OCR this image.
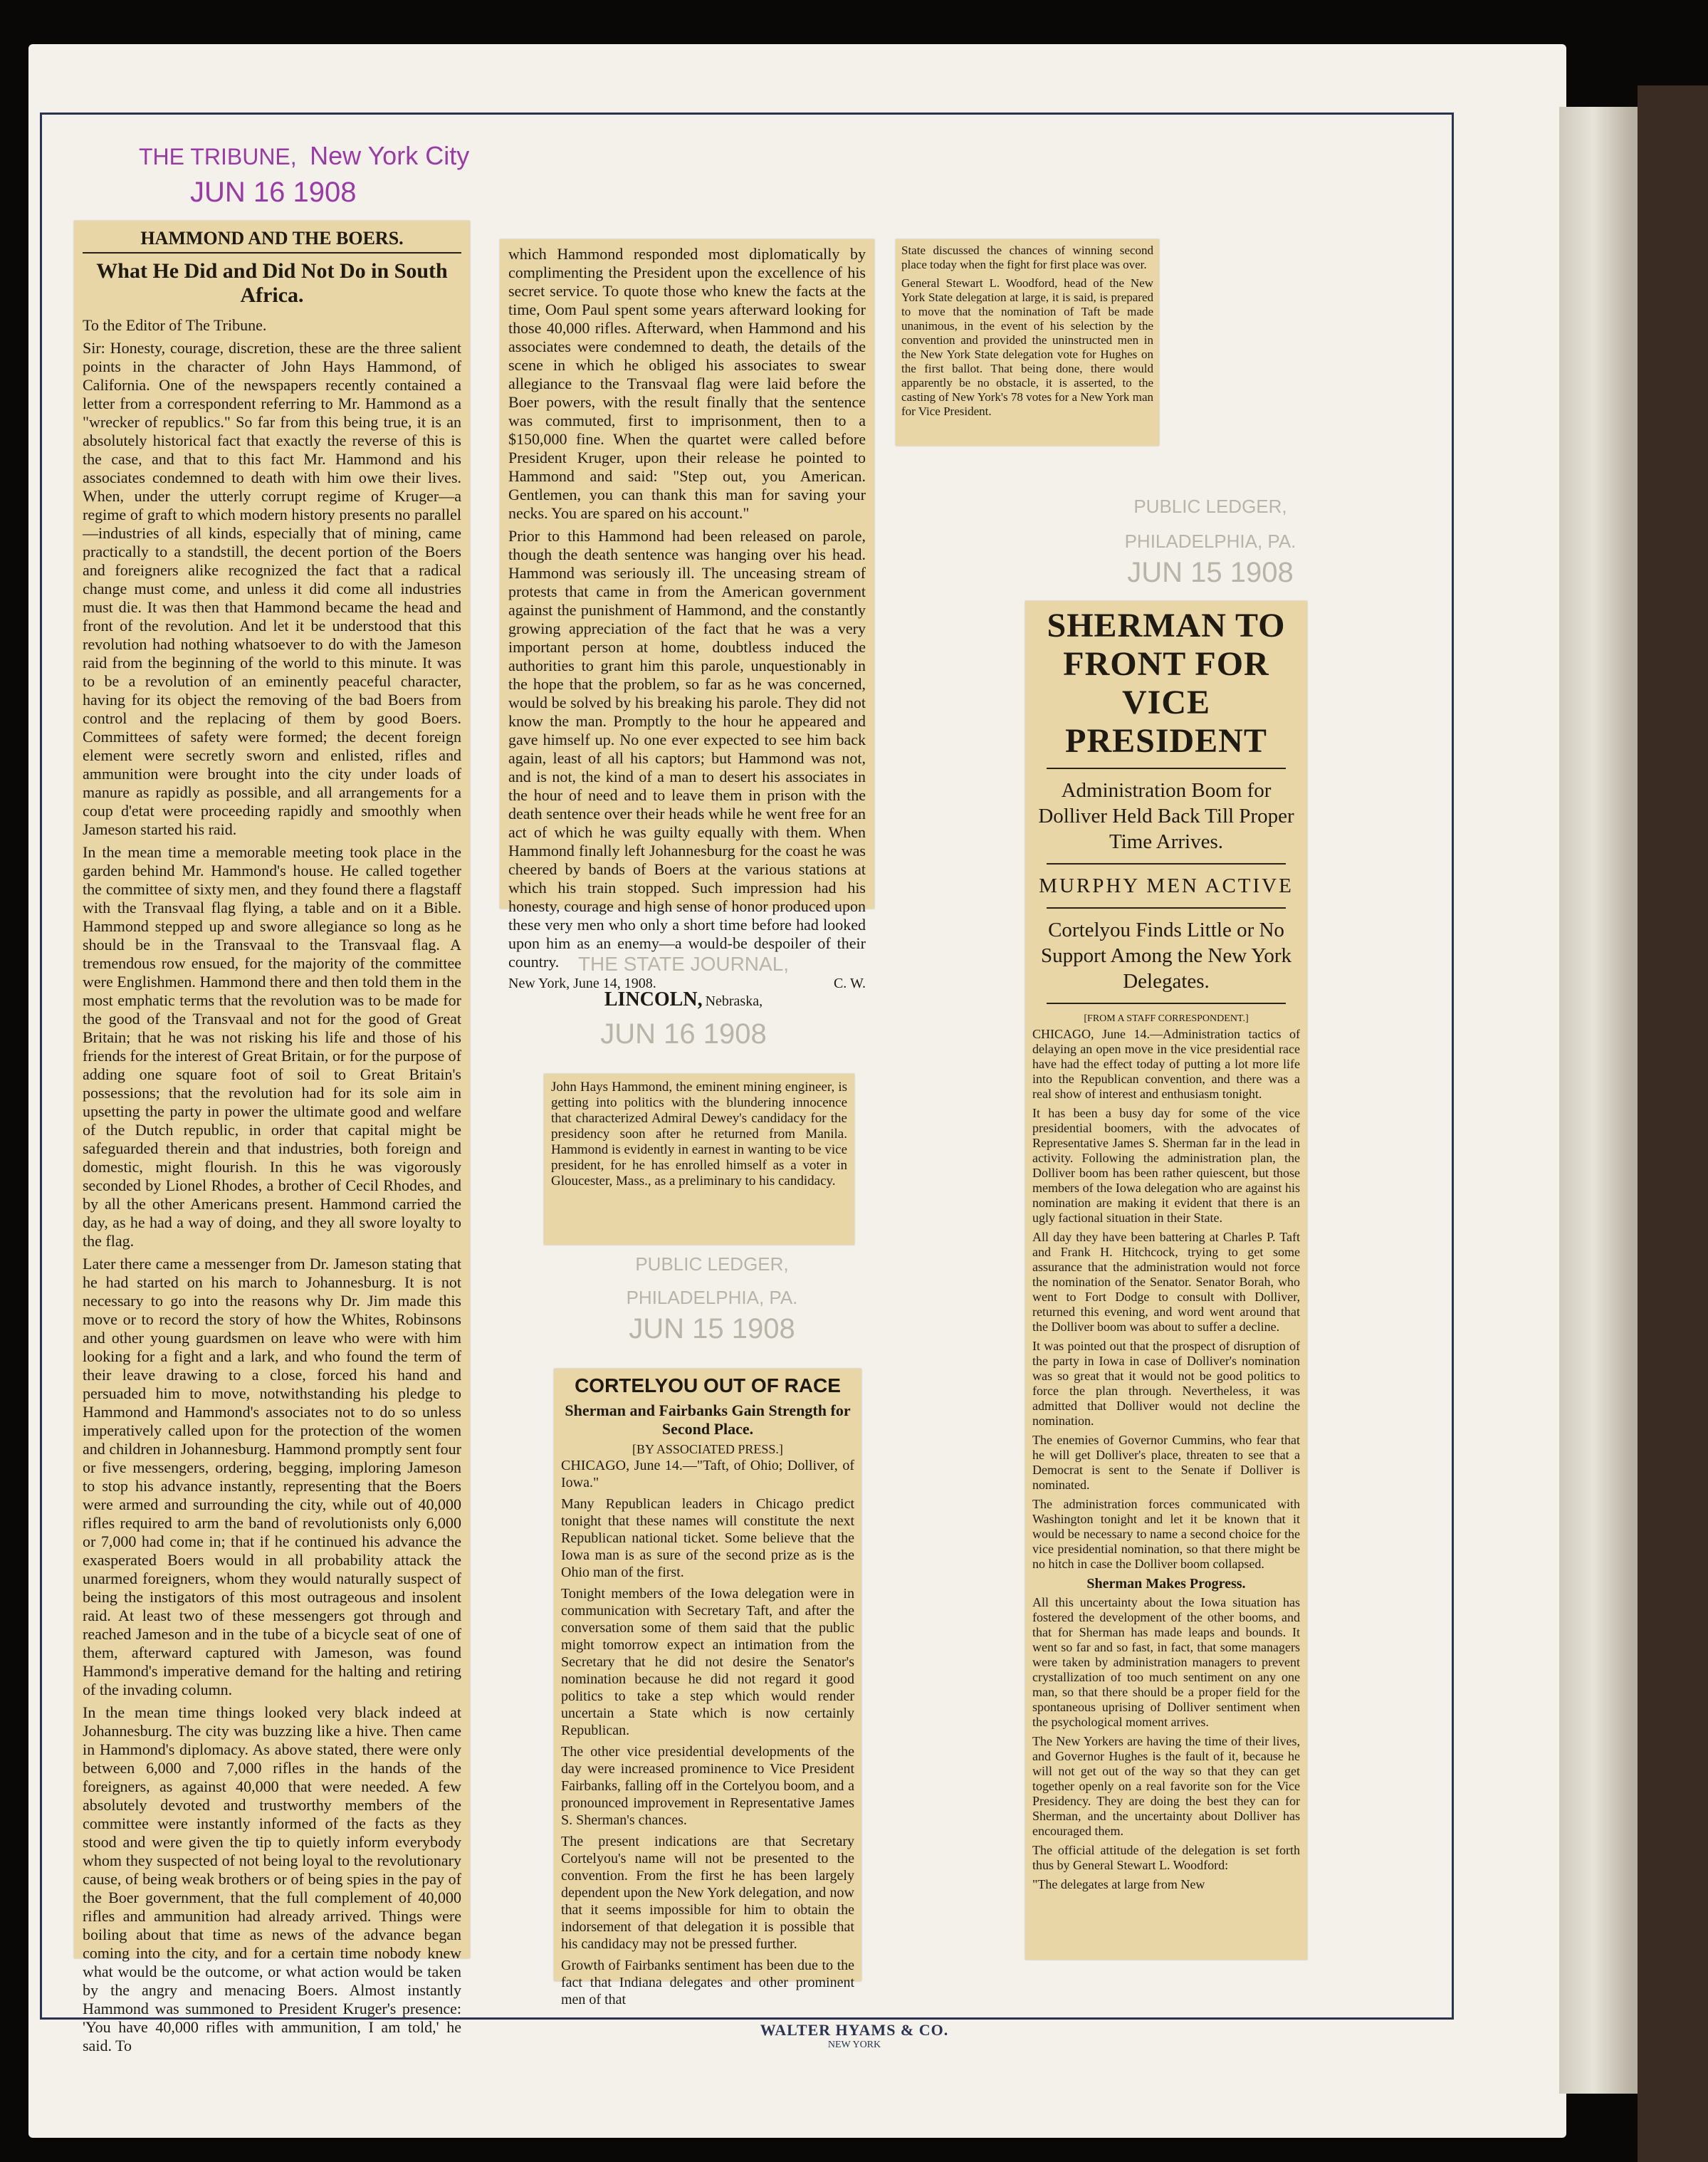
THE TRIBUNE, New York City
JUN 16 1908
HAMMOND AND THE BOERS.
What He Did and Did Not Do in South Africa.

To the Editor of The Tribune.

Sir: Honesty, courage, discretion, these are the three salient points in the character of John Hays Hammond, of California. One of the newspapers recently contained a letter from a correspondent referring to Mr. Hammond as a "wrecker of republics." So far from this being true, it is an absolutely historical fact that exactly the reverse of this is the case, and that to this fact Mr. Hammond and his associates condemned to death with him owe their lives. When, under the utterly corrupt regime of Kruger—a regime of graft to which modern history presents no parallel—industries of all kinds, especially that of mining, came practically to a standstill, the decent portion of the Boers and foreigners alike recognized the fact that a radical change must come, and unless it did come all industries must die. It was then that Hammond became the head and front of the revolution. And let it be understood that this revolution had nothing whatsoever to do with the Jameson raid from the beginning of the world to this minute. It was to be a revolution of an eminently peaceful character, having for its object the removing of the bad Boers from control and the replacing of them by good Boers. Committees of safety were formed; the decent foreign element were secretly sworn and enlisted, rifles and ammunition were brought into the city under loads of manure as rapidly as possible, and all arrangements for a coup d'etat were proceeding rapidly and smoothly when Jameson started his raid.

In the mean time a memorable meeting took place in the garden behind Mr. Hammond's house. He called together the committee of sixty men, and they found there a flagstaff with the Transvaal flag flying, a table and on it a Bible. Hammond stepped up and swore allegiance so long as he should be in the Transvaal to the Transvaal flag. A tremendous row ensued, for the majority of the committee were Englishmen. Hammond there and then told them in the most emphatic terms that the revolution was to be made for the good of the Transvaal and not for the good of Great Britain; that he was not risking his life and those of his friends for the interest of Great Britain, or for the purpose of adding one square foot of soil to Great Britain's possessions; that the revolution had for its sole aim in upsetting the party in power the ultimate good and welfare of the Dutch republic, in order that capital might be safeguarded therein and that industries, both foreign and domestic, might flourish. In this he was vigorously seconded by Lionel Rhodes, a brother of Cecil Rhodes, and by all the other Americans present. Hammond carried the day, as he had a way of doing, and they all swore loyalty to the flag.

Later there came a messenger from Dr. Jameson stating that he had started on his march to Johannesburg. It is not necessary to go into the reasons why Dr. Jim made this move or to record the story of how the Whites, Robinsons and other young guardsmen on leave who were with him looking for a fight and a lark, and who found the term of their leave drawing to a close, forced his hand and persuaded him to move, notwithstanding his pledge to Hammond and Hammond's associates not to do so unless imperatively called upon for the protection of the women and children in Johannesburg. Hammond promptly sent four or five messengers, ordering, begging, imploring Jameson to stop his advance instantly, representing that the Boers were armed and surrounding the city, while out of 40,000 rifles required to arm the band of revolutionists only 6,000 or 7,000 had come in; that if he continued his advance the exasperated Boers would in all probability attack the unarmed foreigners, whom they would naturally suspect of being the instigators of this most outrageous and insolent raid. At least two of these messengers got through and reached Jameson and in the tube of a bicycle seat of one of them, afterward captured with Jameson, was found Hammond's imperative demand for the halting and retiring of the invading column.

In the mean time things looked very black indeed at Johannesburg. The city was buzzing like a hive. Then came in Hammond's diplomacy. As above stated, there were only between 6,000 and 7,000 rifles in the hands of the foreigners, as against 40,000 that were needed. A few absolutely devoted and trustworthy members of the committee were instantly informed of the facts as they stood and were given the tip to quietly inform everybody whom they suspected of not being loyal to the revolutionary cause, of being weak brothers or of being spies in the pay of the Boer government, that the full complement of 40,000 rifles and ammunition had already arrived. Things were boiling about that time as news of the advance began coming into the city, and for a certain time nobody knew what would be the outcome, or what action would be taken by the angry and menacing Boers. Almost instantly Hammond was summoned to President Kruger's presence: 'You have 40,000 rifles with ammunition, I am told,' he said. To

which Hammond responded most diplomatically by complimenting the President upon the excellence of his secret service. To quote those who knew the facts at the time, Oom Paul spent some years afterward looking for those 40,000 rifles. Afterward, when Hammond and his associates were condemned to death, the details of the scene in which he obliged his associates to swear allegiance to the Transvaal flag were laid before the Boer powers, with the result finally that the sentence was commuted, first to imprisonment, then to a $150,000 fine. When the quartet were called before President Kruger, upon their release he pointed to Hammond and said: "Step out, you American. Gentlemen, you can thank this man for saving your necks. You are spared on his account."

Prior to this Hammond had been released on parole, though the death sentence was hanging over his head. Hammond was seriously ill. The unceasing stream of protests that came in from the American government against the punishment of Hammond, and the constantly growing appreciation of the fact that he was a very important person at home, doubtless induced the authorities to grant him this parole, unquestionably in the hope that the problem, so far as he was concerned, would be solved by his breaking his parole. They did not know the man. Promptly to the hour he appeared and gave himself up. No one ever expected to see him back again, least of all his captors; but Hammond was not, and is not, the kind of a man to desert his associates in the hour of need and to leave them in prison with the death sentence over their heads while he went free for an act of which he was guilty equally with them. When Hammond finally left Johannesburg for the coast he was cheered by bands of Boers at the various stations at which his train stopped. Such impression had his honesty, courage and high sense of honor produced upon these very men who only a short time before had looked upon him as an enemy—a would-be despoiler of their country.

New York, June 14, 1908.	C. W.
THE STATE JOURNAL,
LINCOLN, Nebraska,
JUN 16 1908

John Hays Hammond, the eminent mining engineer, is getting into politics with the blundering innocence that characterized Admiral Dewey's candidacy for the presidency soon after he returned from Manila. Hammond is evidently in earnest in wanting to be vice president, for he has enrolled himself as a voter in Gloucester, Mass., as a preliminary to his candidacy.

PUBLIC LEDGER,
PHILADELPHIA, PA.
JUN 15 1908
CORTELYOU OUT OF RACE
Sherman and Fairbanks Gain Strength for Second Place.
[BY ASSOCIATED PRESS.]

CHICAGO, June 14.—"Taft, of Ohio; Dolliver, of Iowa."

Many Republican leaders in Chicago predict tonight that these names will constitute the next Republican national ticket. Some believe that the Iowa man is as sure of the second prize as is the Ohio man of the first.

Tonight members of the Iowa delegation were in communication with Secretary Taft, and after the conversation some of them said that the public might tomorrow expect an intimation from the Secretary that he did not desire the Senator's nomination because he did not regard it good politics to take a step which would render uncertain a State which is now certainly Republican.

The other vice presidential developments of the day were increased prominence to Vice President Fairbanks, falling off in the Cortelyou boom, and a pronounced improvement in Representative James S. Sherman's chances.

The present indications are that Secretary Cortelyou's name will not be presented to the convention. From the first he has been largely dependent upon the New York delegation, and now that it seems impossible for him to obtain the indorsement of that delegation it is possible that his candidacy may not be pressed further.

Growth of Fairbanks sentiment has been due to the fact that Indiana delegates and other prominent men of that

State discussed the chances of winning second place today when the fight for first place was over.

General Stewart L. Woodford, head of the New York State delegation at large, it is said, is prepared to move that the nomination of Taft be made unanimous, in the event of his selection by the convention and provided the uninstructed men in the New York State delegation vote for Hughes on the first ballot. That being done, there would apparently be no obstacle, it is asserted, to the casting of New York's 78 votes for a New York man for Vice President.

PUBLIC LEDGER,
PHILADELPHIA, PA.
JUN 15 1908
SHERMAN TO FRONT FOR VICE PRESIDENT
Administration Boom for Dolliver Held Back Till Proper Time Arrives.
MURPHY MEN ACTIVE
Cortelyou Finds Little or No Support Among the New York Delegates.
[FROM A STAFF CORRESPONDENT.]

CHICAGO, June 14.—Administration tactics of delaying an open move in the vice presidential race have had the effect today of putting a lot more life into the Republican convention, and there was a real show of interest and enthusiasm tonight.

It has been a busy day for some of the vice presidential boomers, with the advocates of Representative James S. Sherman far in the lead in activity. Following the administration plan, the Dolliver boom has been rather quiescent, but those members of the Iowa delegation who are against his nomination are making it evident that there is an ugly factional situation in their State.

All day they have been battering at Charles P. Taft and Frank H. Hitchcock, trying to get some assurance that the administration would not force the nomination of the Senator. Senator Borah, who went to Fort Dodge to consult with Dolliver, returned this evening, and word went around that the Dolliver boom was about to suffer a decline.

It was pointed out that the prospect of disruption of the party in Iowa in case of Dolliver's nomination was so great that it would not be good politics to force the plan through. Nevertheless, it was admitted that Dolliver would not decline the nomination.

The enemies of Governor Cummins, who fear that he will get Dolliver's place, threaten to see that a Democrat is sent to the Senate if Dolliver is nominated.

The administration forces communicated with Washington tonight and let it be known that it would be necessary to name a second choice for the vice presidential nomination, so that there might be no hitch in case the Dolliver boom collapsed.

Sherman Makes Progress.

All this uncertainty about the Iowa situation has fostered the development of the other booms, and that for Sherman has made leaps and bounds. It went so far and so fast, in fact, that some managers were taken by administration managers to prevent crystallization of too much sentiment on any one man, so that there should be a proper field for the spontaneous uprising of Dolliver sentiment when the psychological moment arrives.

The New Yorkers are having the time of their lives, and Governor Hughes is the fault of it, because he will not get out of the way so that they can get together openly on a real favorite son for the Vice Presidency. They are doing the best they can for Sherman, and the uncertainty about Dolliver has encouraged them.

The official attitude of the delegation is set forth thus by General Stewart L. Woodford:

"The delegates at large from New

WALTER HYAMS & CO.
NEW YORK
